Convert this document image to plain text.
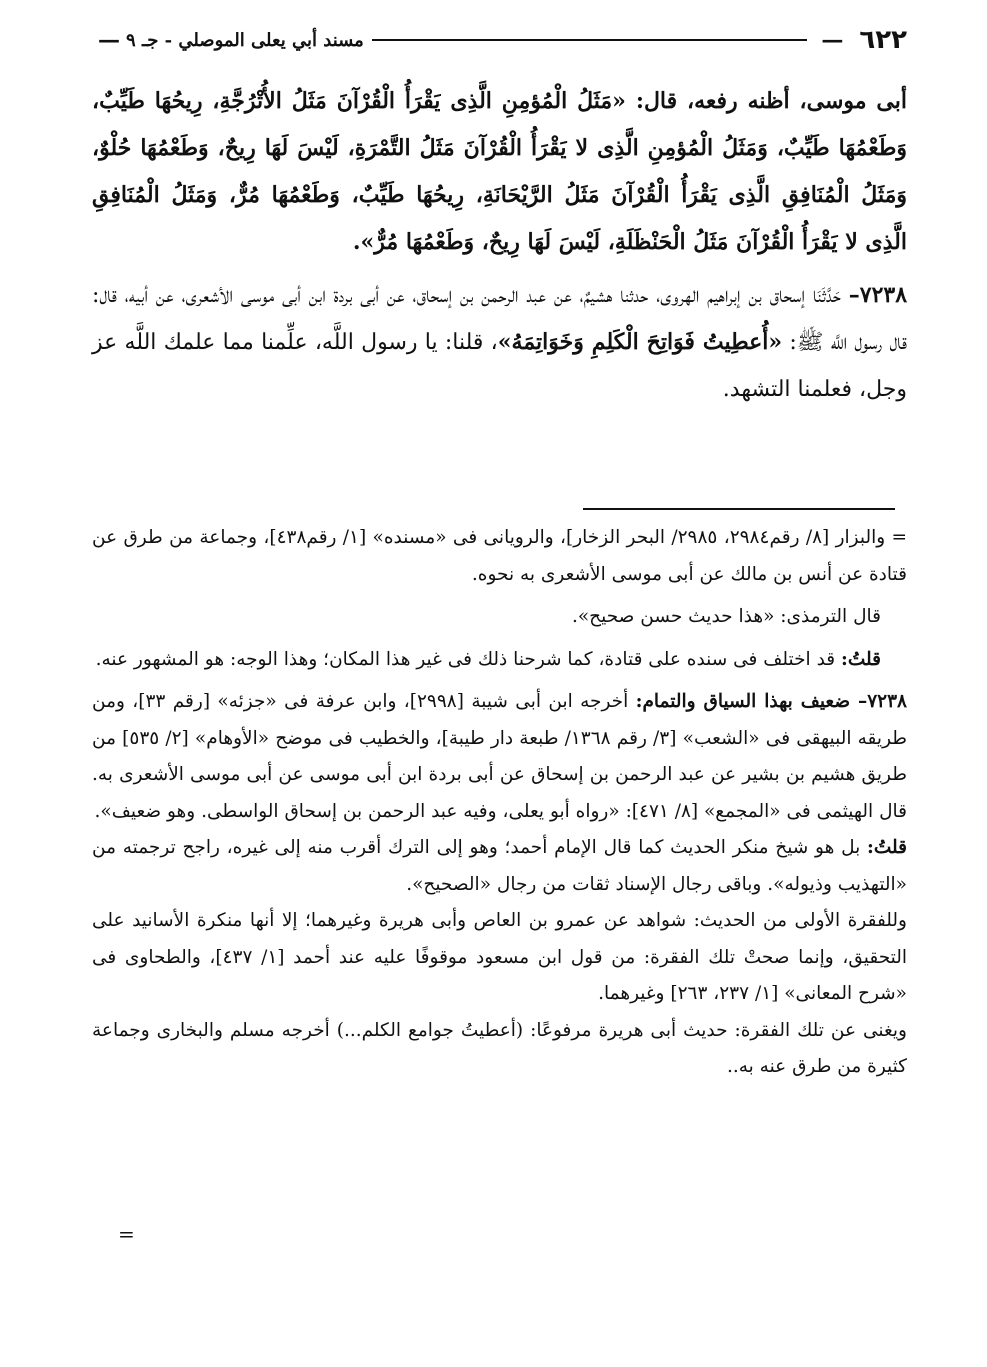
٦٢٢
—
مسند أبي يعلى الموصلي - جـ ٩
—

أبى موسى، أظنه رفعه، قال: «مَثَلُ الْمُؤمِنِ الَّذِى يَقْرَأُ الْقُرْآنَ مَثَلُ الأُتْرُجَّةِ، رِيحُهَا طَيِّبٌ، وَطَعْمُهَا طَيِّبٌ، وَمَثَلُ الْمُؤمِنِ الَّذِى لا يَقْرَأُ الْقُرْآنَ مَثَلُ التَّمْرَةِ، لَيْسَ لَهَا رِيحٌ، وَطَعْمُهَا حُلْوٌ، وَمَثَلُ الْمُنَافِقِ الَّذِى يَقْرَأُ الْقُرْآنَ مَثَلُ الرَّيْحَانَةِ، رِيحُهَا طَيِّبٌ، وَطَعْمُهَا مُرٌّ، وَمَثَلُ الْمُنَافِقِ الَّذِى لا يَقْرَأُ الْقُرْآنَ مَثَلُ الْحَنْظَلَةِ، لَيْسَ لَهَا رِيحٌ، وَطَعْمُهَا مُرٌّ».

٧٢٣٨– حَدَّثَنَا إسحاق بن إبراهيم الهروى، حدثنا هشيمٌ، عن عبد الرحمن بن إسحاق، عن أبى بردة ابن أبى موسى الأشعرى، عن أبيه، قال: قال رسول اللَّه ﷺ: «أُعطِيتُ فَوَاتِحَ الْكَلِمِ وَخَوَاتِمَهُ»، قلنا: يا رسول اللَّه، علِّمنا مما علمك اللَّه عز وجل، فعلمنا التشهد.

= والبزار [٨/ رقم٢٩٨٤، ٢٩٨٥/ البحر الزخار]، والرويانى فى «مسنده» [١/ رقم٤٣٨]، وجماعة من طرق عن قتادة عن أنس بن مالك عن أبى موسى الأشعرى به نحوه.

قال الترمذى: «هذا حديث حسن صحيح».

قلتُ: قد اختلف فى سنده على قتادة، كما شرحنا ذلك فى غير هذا المكان؛ وهذا الوجه: هو المشهور عنه.

٧٢٣٨– ضعيف بهذا السياق والتمام: أخرجه ابن أبى شيبة [٢٩٩٨]، وابن عرفة فى «جزئه» [رقم ٣٣]، ومن طريقه البيهقى فى «الشعب» [٣/ رقم ١٣٦٨/ طبعة دار طيبة]، والخطيب فى موضح «الأوهام» [٢/ ٥٣٥] من طريق هشيم بن بشير عن عبد الرحمن بن إسحاق عن أبى بردة ابن أبى موسى عن أبى موسى الأشعرى به. قال الهيثمى فى «المجمع» [٨/ ٤٧١]: «رواه أبو يعلى، وفيه عبد الرحمن بن إسحاق الواسطى. وهو ضعيف».

قلتُ: بل هو شيخ منكر الحديث كما قال الإمام أحمد؛ وهو إلى الترك أقرب منه إلى غيره، راجح ترجمته من «التهذيب وذيوله». وباقى رجال الإسناد ثقات من رجال «الصحيح».

وللفقرة الأولى من الحديث: شواهد عن عمرو بن العاص وأبى هريرة وغيرهما؛ إلا أنها منكرة الأسانيد على التحقيق، وإنما صحتْ تلك الفقرة: من قول ابن مسعود موقوفًا عليه عند أحمد [١/ ٤٣٧]، والطحاوى فى «شرح المعانى» [١/ ٢٣٧، ٢٦٣] وغيرهما.

ويغنى عن تلك الفقرة: حديث أبى هريرة مرفوعًا: (أعطيتُ جوامع الكلم...) أخرجه مسلم والبخارى وجماعة كثيرة من طرق عنه به..

=
